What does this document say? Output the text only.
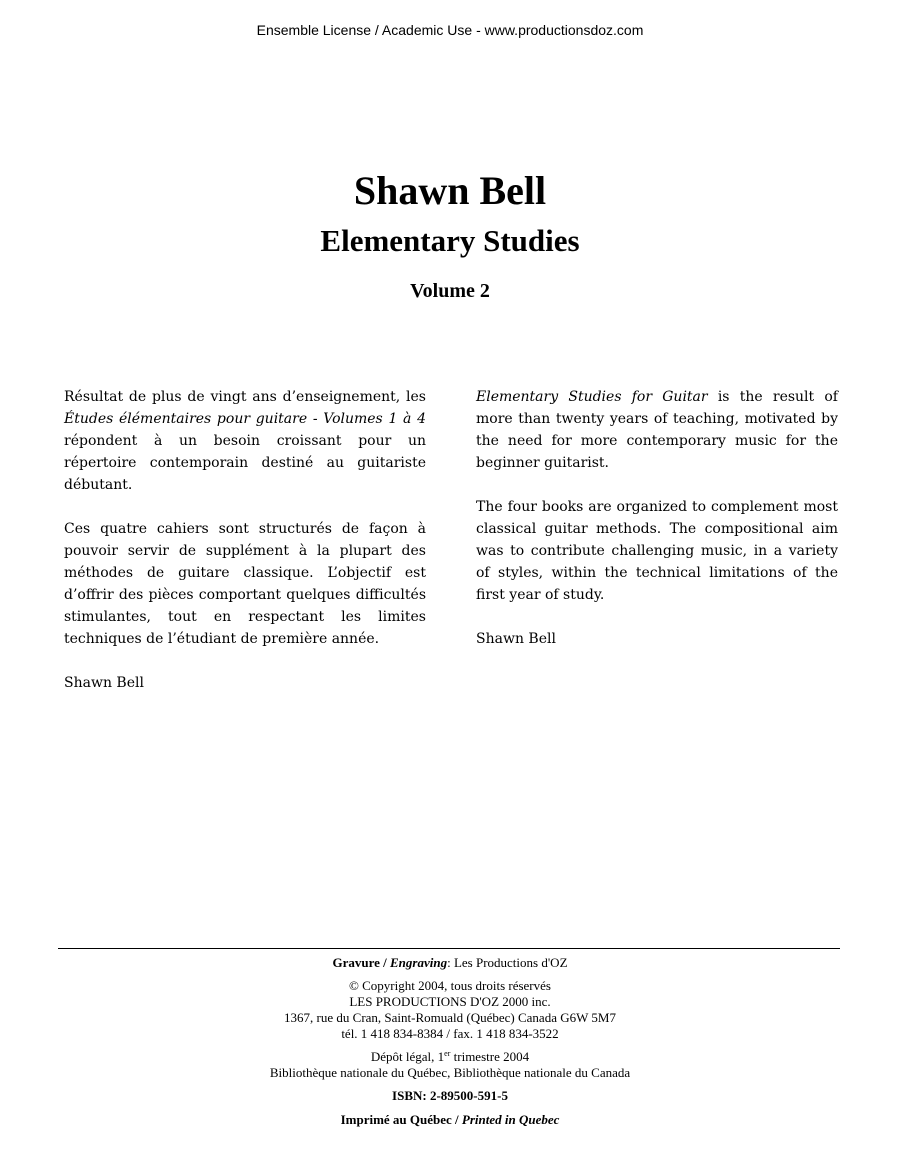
Ensemble License / Academic Use - www.productionsdoz.com
Shawn Bell
Elementary Studies
Volume 2

Résultat de plus de vingt ans d’enseignement, les Études élémentaires pour guitare - Volumes 1 à 4 répondent à un besoin croissant pour un répertoire contemporain destiné au guitariste débutant.

Ces quatre cahiers sont structurés de façon à pouvoir servir de supplément à la plupart des méthodes de guitare classique. L’objectif est d’offrir des pièces comportant quelques difficultés stimulantes, tout en respectant les limites techniques de l’étudiant de première année.

Shawn Bell

Elementary Studies for Guitar is the result of more than twenty years of teaching, motivated by the need for more contemporary music for the beginner guitarist.

The four books are organized to complement most classical guitar methods. The compositional aim was to contribute challenging music, in a variety of styles, within the technical limitations of the first year of study.

Shawn Bell

Gravure / Engraving: Les Productions d'OZ
© Copyright 2004, tous droits réservés
LES PRODUCTIONS D'OZ 2000 inc.
1367, rue du Cran, Saint-Romuald (Québec) Canada G6W 5M7
tél. 1 418 834-8384 / fax. 1 418 834-3522
Dépôt légal, 1er trimestre 2004
Bibliothèque nationale du Québec, Bibliothèque nationale du Canada
ISBN: 2-89500-591-5
Imprimé au Québec / Printed in Quebec
